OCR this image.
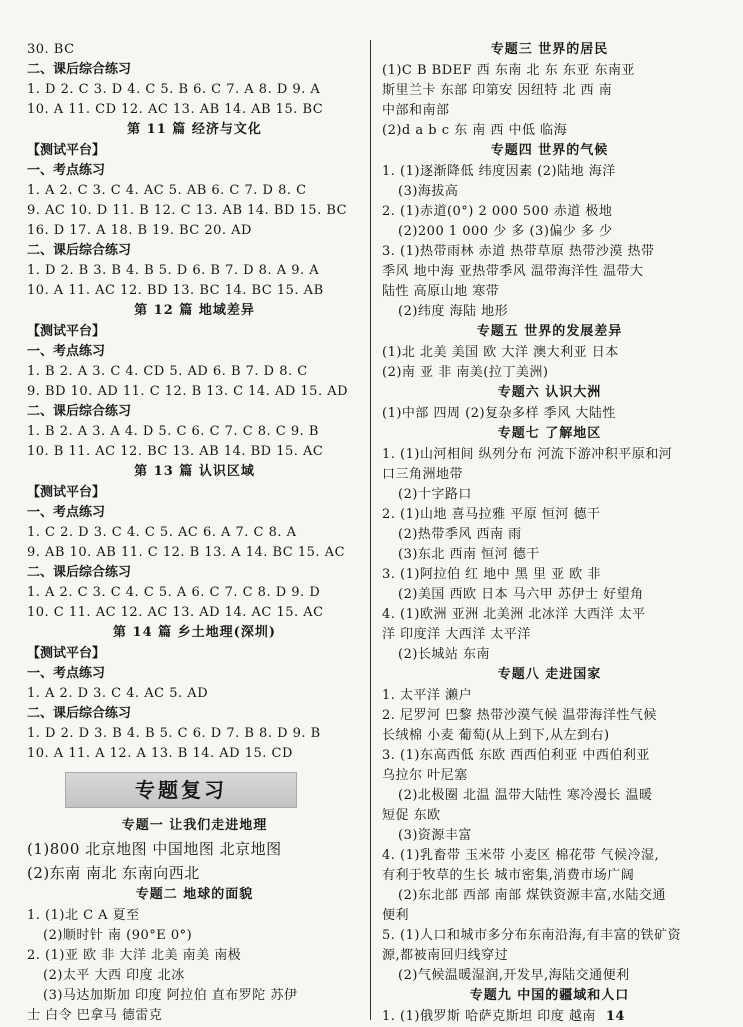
30. BC
二、课后综合练习
1. D 2. C 3. D 4. C 5. B 6. C 7. A 8. D 9. A
10. A 11. CD 12. AC 13. AB 14. AB 15. BC
第 11 篇 经济与文化
【测试平台】
一、考点练习
1. A 2. C 3. C 4. AC 5. AB 6. C 7. D 8. C
9. AC 10. D 11. B 12. C 13. AB 14. BD 15. BC
16. D 17. A 18. B 19. BC 20. AD
二、课后综合练习
1. D 2. B 3. B 4. B 5. D 6. B 7. D 8. A 9. A
10. A 11. AC 12. BD 13. BC 14. BC 15. AB
第 12 篇 地域差异
【测试平台】
一、考点练习
1. B 2. A 3. C 4. CD 5. AD 6. B 7. D 8. C
9. BD 10. AD 11. C 12. B 13. C 14. AD 15. AD
二、课后综合练习
1. B 2. A 3. A 4. D 5. C 6. C 7. C 8. C 9. B
10. B 11. AC 12. BC 13. AB 14. BD 15. AC
第 13 篇 认识区域
【测试平台】
一、考点练习
1. C 2. D 3. C 4. C 5. AC 6. A 7. C 8. A
9. AB 10. AB 11. C 12. B 13. A 14. BC 15. AC
二、课后综合练习
1. A 2. C 3. C 4. C 5. A 6. C 7. C 8. D 9. D
10. C 11. AC 12. AC 13. AD 14. AC 15. AC
第 14 篇 乡土地理(深圳)
【测试平台】
一、考点练习
1. A 2. D 3. C 4. AC 5. AD
二、课后综合练习
1. D 2. D 3. B 4. B 5. C 6. D 7. B 8. D 9. B
10. A 11. A 12. A 13. B 14. AD 15. CD
专题复习
专题一 让我们走进地理
(1)800 北京地图 中国地图 北京地图
(2)东南 南北 东南向西北
专题二 地球的面貌
1. (1)北 C A 夏至
(2)顺时针 南 (90°E 0°)
2. (1)亚 欧 非 大洋 北美 南美 南极
(2)太平 大西 印度 北冰
(3)马达加斯加 印度 阿拉伯 直布罗陀 苏伊
士 白令 巴拿马 德雷克
专题三 世界的居民
(1)C B BDEF 西 东南 北 东 东亚 东南亚
斯里兰卡 东部 印第安 因纽特 北 西 南
中部和南部
(2)d a b c 东 南 西 中低 临海
专题四 世界的气候
1. (1)逐渐降低 纬度因素 (2)陆地 海洋
(3)海拔高
2. (1)赤道(0°) 2 000 500 赤道 极地
(2)200 1 000 少 多 (3)偏少 多 少
3. (1)热带雨林 赤道 热带草原 热带沙漠 热带
季风 地中海 亚热带季风 温带海洋性 温带大
陆性 高原山地 寒带
(2)纬度 海陆 地形
专题五 世界的发展差异
(1)北 北美 美国 欧 大洋 澳大利亚 日本
(2)南 亚 非 南美(拉丁美洲)
专题六 认识大洲
(1)中部 四周 (2)复杂多样 季风 大陆性
专题七 了解地区
1. (1)山河相间 纵列分布 河流下游冲积平原和河
口三角洲地带
(2)十字路口
2. (1)山地 喜马拉雅 平原 恒河 德干
(2)热带季风 西南 雨
(3)东北 西南 恒河 德干
3. (1)阿拉伯 红 地中 黑 里 亚 欧 非
(2)美国 西欧 日本 马六甲 苏伊士 好望角
4. (1)欧洲 亚洲 北美洲 北冰洋 大西洋 太平
洋 印度洋 大西洋 太平洋
(2)长城站 东南
专题八 走进国家
1. 太平洋 濑户
2. 尼罗河 巴黎 热带沙漠气候 温带海洋性气候
长绒棉 小麦 葡萄(从上到下,从左到右)
3. (1)东高西低 东欧 西西伯利亚 中西伯利亚
乌拉尔 叶尼塞
(2)北极圈 北温 温带大陆性 寒冷漫长 温暖
短促 东欧
(3)资源丰富
4. (1)乳畜带 玉米带 小麦区 棉花带 气候冷湿,
有利于牧草的生长 城市密集,消费市场广阔
(2)东北部 西部 南部 煤铁资源丰富,水陆交通
便利
5. (1)人口和城市多分布东南沿海,有丰富的铁矿资
源,都被南回归线穿过
(2)气候温暖湿润,开发早,海陆交通便利
专题九 中国的疆域和人口
1. (1)俄罗斯 哈萨克斯坦 印度 越南 14
